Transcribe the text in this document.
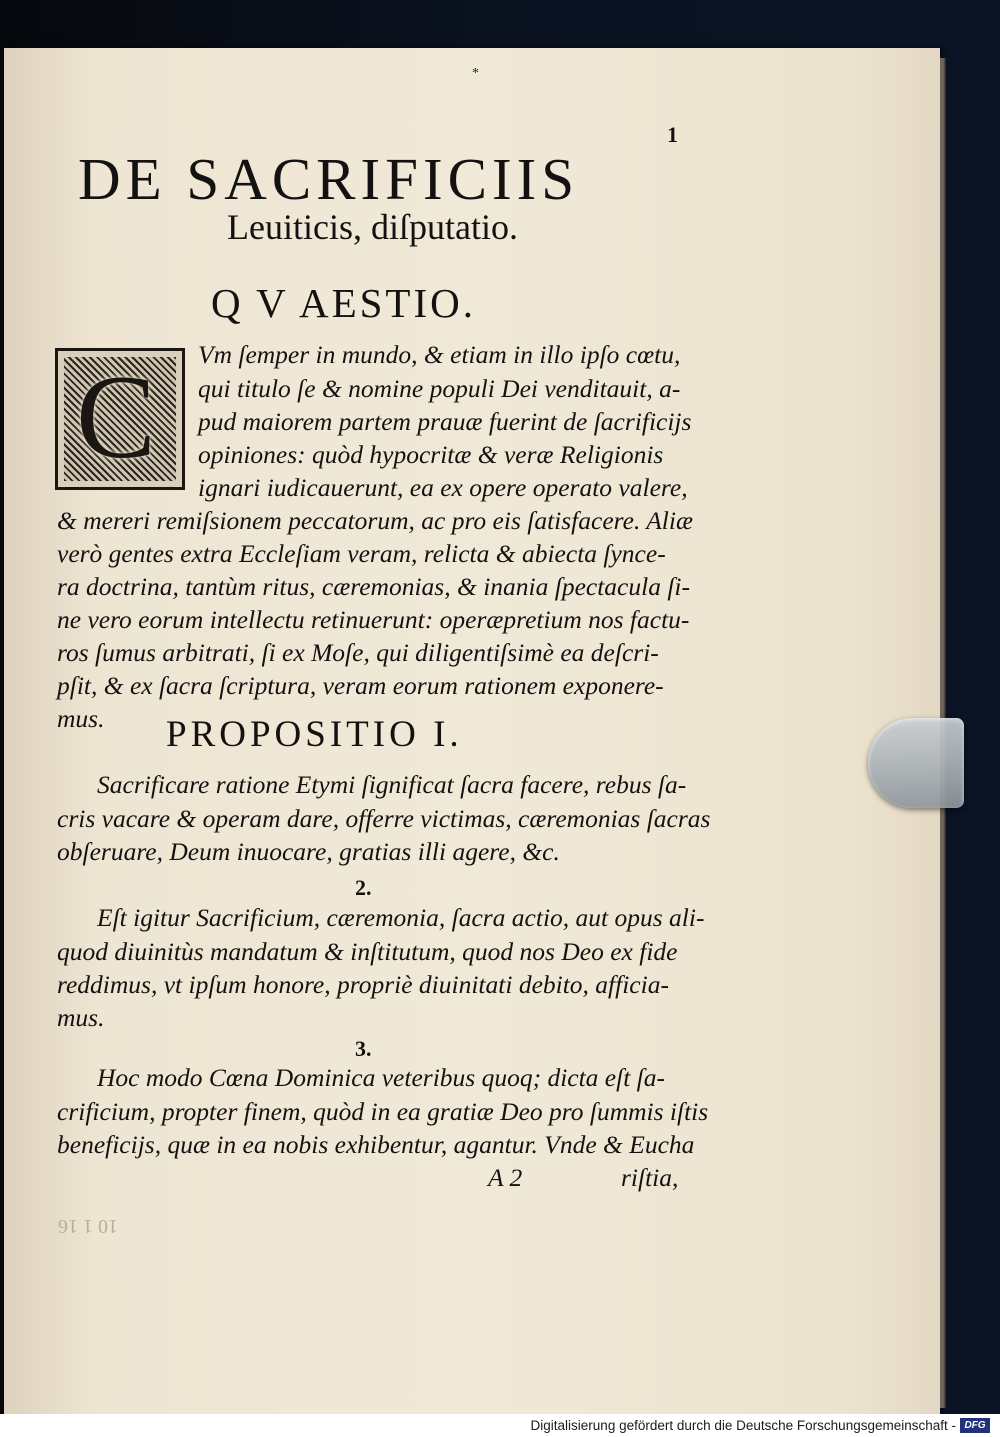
*
1
DE SACRIFICIIS
Leuiticis, diſputatio.
Q V AESTIO.
C Vm ſemper in mundo, & etiam in illo ipſo cœtu,
qui titulo ſe & nomine populi Dei venditauit, a-
pud maiorem partem prauæ fuerint de ſacrificijs
opiniones: quòd hypocritæ & veræ Religionis
ignari iudicauerunt, ea ex opere operato valere,
& mereri remiſsionem peccatorum, ac pro eis ſatisfacere. Aliæ
verò gentes extra Eccleſiam veram, relicta & abiecta ſynce-
ra doctrina, tantùm ritus, cæremonias, & inania ſpectacula ſi-
ne vero eorum intellectu retinuerunt: operæpretium nos factu-
ros ſumus arbitrati, ſi ex Moſe, qui diligentiſsimè ea deſcri-
pſit, & ex ſacra ſcriptura, veram eorum rationem exponere-
mus. PROPOSITIO I.
Sacrificare ratione Etymi ſignificat ſacra facere, rebus ſa-
cris vacare & operam dare, offerre victimas, cæremonias ſacras
obſeruare, Deum inuocare, gratias illi agere, &c.
2.
Eſt igitur Sacrificium, cæremonia, ſacra actio, aut opus ali-
quod diuinitùs mandatum & inſtitutum, quod nos Deo ex fide
reddimus, vt ipſum honore, propriè diuinitati debito, afficia-
mus.
3.
Hoc modo Cœna Dominica veteribus quoq; dicta eſt ſa-
crificium, propter finem, quòd in ea gratiæ Deo pro ſummis iſtis
beneficijs, quæ in ea nobis exhibentur, agantur. Vnde & Eucha
A 2	riſtia,
10 1 16
Digitalisierung gefördert durch die Deutsche Forschungsgemeinschaft - DFG
